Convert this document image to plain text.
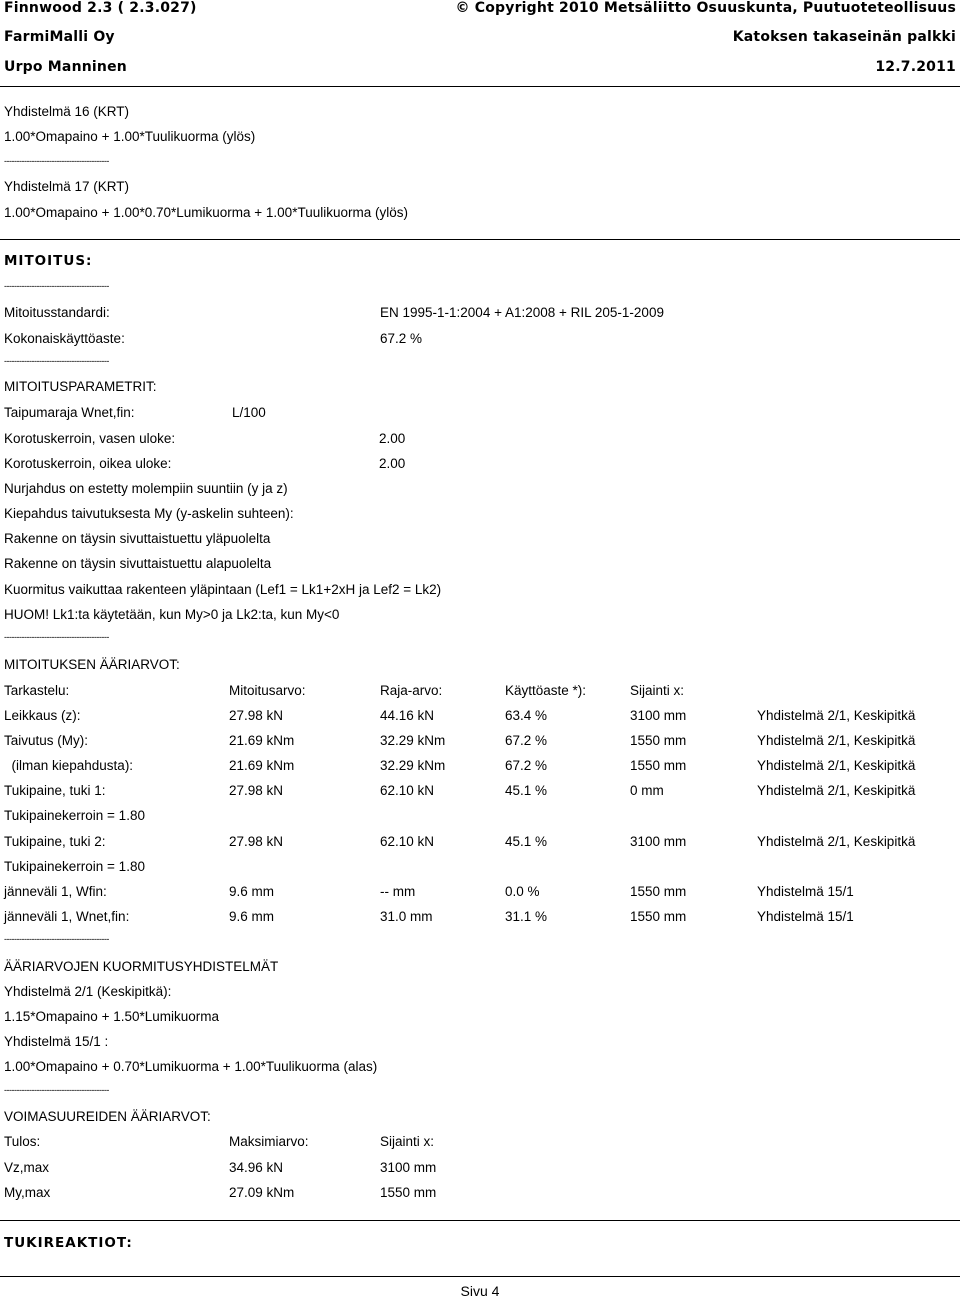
Finnwood 2.3 ( 2.3.027)	© Copyright 2010 Metsäliitto Osuuskunta, Puutuoteteollisuus
FarmiMalli Oy	Katoksen takaseinän palkki
Urpo Manninen	12.7.2011
Yhdistelmä 16 (KRT)
1.00*Omapaino + 1.00*Tuulikuorma (ylös)
------------------------------------------
Yhdistelmä 17 (KRT)
1.00*Omapaino + 1.00*0.70*Lumikuorma + 1.00*Tuulikuorma (ylös)
MITOITUS:
------------------------------------------
Mitoitusstandardi:	EN 1995-1-1:2004 + A1:2008 + RIL 205-1-2009
Kokonaiskäyttöaste:	67.2 %
------------------------------------------
MITOITUSPARAMETRIT:
Taipumaraja Wnet,fin:	L/100
Korotuskerroin, vasen uloke:	2.00
Korotuskerroin, oikea uloke:	2.00
Nurjahdus on estetty molempiin suuntiin (y ja z)
Kiepahdus taivutuksesta My (y-askelin suhteen):
Rakenne on täysin sivuttaistuettu yläpuolelta
Rakenne on täysin sivuttaistuettu alapuolelta
Kuormitus vaikuttaa rakenteen yläpintaan (Lef1 = Lk1+2xH ja Lef2 = Lk2)
HUOM! Lk1:ta käytetään, kun My>0 ja Lk2:ta, kun My<0
------------------------------------------
MITOITUKSEN ÄÄRIARVOT:
Tarkastelu:	Mitoitusarvo:	Raja-arvo:	Käyttöaste *):	Sijainti x:
Leikkaus (z):	27.98 kN	44.16 kN	63.4 %	3100 mm	Yhdistelmä 2/1, Keskipitkä
Taivutus (My):	21.69 kNm	32.29 kNm	67.2 %	1550 mm	Yhdistelmä 2/1, Keskipitkä
(ilman kiepahdusta):	21.69 kNm	32.29 kNm	67.2 %	1550 mm	Yhdistelmä 2/1, Keskipitkä
Tukipaine, tuki 1:	27.98 kN	62.10 kN	45.1 %	0 mm	Yhdistelmä 2/1, Keskipitkä
Tukipainekerroin = 1.80
Tukipaine, tuki 2:	27.98 kN	62.10 kN	45.1 %	3100 mm	Yhdistelmä 2/1, Keskipitkä
Tukipainekerroin = 1.80
jänneväli 1, Wfin:	9.6 mm	-- mm	0.0 %	1550 mm	Yhdistelmä 15/1
jänneväli 1, Wnet,fin:	9.6 mm	31.0 mm	31.1 %	1550 mm	Yhdistelmä 15/1
------------------------------------------
ÄÄRIARVOJEN KUORMITUSYHDISTELMÄT
Yhdistelmä 2/1 (Keskipitkä):
1.15*Omapaino + 1.50*Lumikuorma
Yhdistelmä 15/1 :
1.00*Omapaino + 0.70*Lumikuorma + 1.00*Tuulikuorma (alas)
------------------------------------------
VOIMASUUREIDEN ÄÄRIARVOT:
Tulos:	Maksimiarvo:	Sijainti x:
Vz,max	34.96 kN	3100 mm
My,max	27.09 kNm	1550 mm
TUKIREAKTIOT:
Sivu 4
